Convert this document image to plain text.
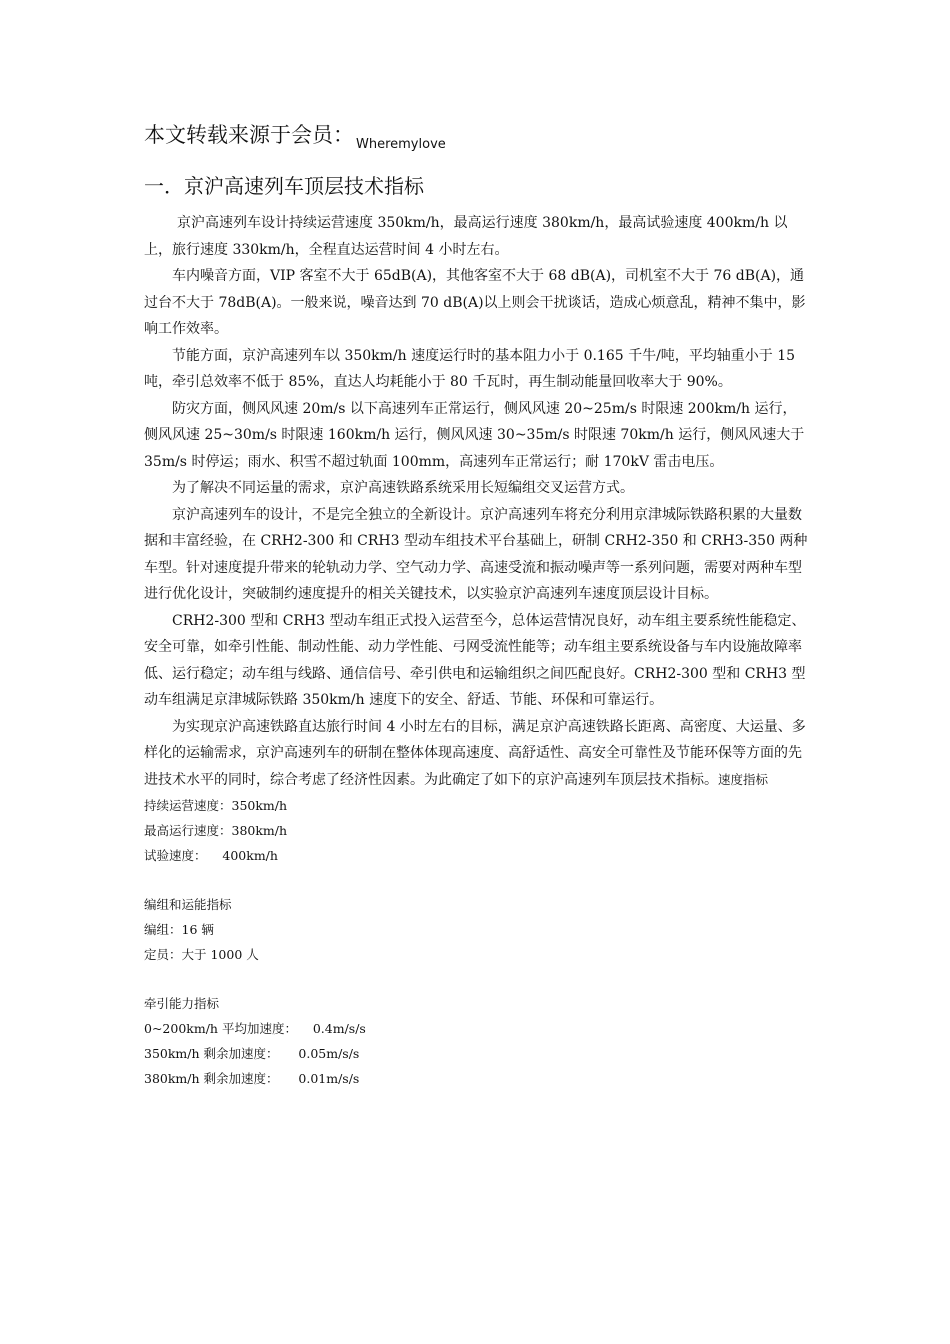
本文转载来源于会员： $_{Wheremylove}$
一．京沪高速列车顶层技术指标

京沪高速列车设计持续运营速度 350km/h，最高运行速度 380km/h，最高试验速度 400km/h 以上，旅行速度 330km/h，全程直达运营时间 4 小时左右。

车内噪音方面，VIP 客室不大于 65dB(A)，其他客室不大于 68 dB(A)，司机室不大于 76 dB(A)，通过台不大于 78dB(A)。一般来说，噪音达到 70 dB(A)以上则会干扰谈话，造成心烦意乱，精神不集中，影响工作效率。

节能方面，京沪高速列车以 350km/h 速度运行时的基本阻力小于 0.165 千牛/吨，平均轴重小于 15 吨，牵引总效率不低于 85%，直达人均耗能小于 80 千瓦时，再生制动能量回收率大于 90%。

防灾方面，侧风风速 20m/s 以下高速列车正常运行，侧风风速 20~25m/s 时限速 200km/h 运行，侧风风速 25~30m/s 时限速 160km/h 运行，侧风风速 30~35m/s 时限速 70km/h 运行，侧风风速大于 35m/s 时停运；雨水、积雪不超过轨面 100mm，高速列车正常运行；耐 170kV 雷击电压。

为了解决不同运量的需求，京沪高速铁路系统采用长短编组交叉运营方式。

京沪高速列车的设计，不是完全独立的全新设计。京沪高速列车将充分利用京津城际铁路积累的大量数据和丰富经验，在 CRH2-300 和 CRH3 型动车组技术平台基础上，研制 CRH2-350 和 CRH3-350 两种车型。针对速度提升带来的轮轨动力学、空气动力学、高速受流和振动噪声等一系列问题，需要对两种车型进行优化设计，突破制约速度提升的相关关键技术，以实验京沪高速列车速度顶层设计目标。

CRH2-300 型和 CRH3 型动车组正式投入运营至今，总体运营情况良好，动车组主要系统性能稳定、安全可靠，如牵引性能、制动性能、动力学性能、弓网受流性能等；动车组主要系统设备与车内设施故障率低、运行稳定；动车组与线路、通信信号、牵引供电和运输组织之间匹配良好。CRH2-300 型和 CRH3 型动车组满足京津城际铁路 350km/h 速度下的安全、舒适、节能、环保和可靠运行。

为实现京沪高速铁路直达旅行时间 4 小时左右的目标，满足京沪高速铁路长距离、高密度、大运量、多样化的运输需求，京沪高速列车的研制在整体体现高速度、高舒适性、高安全可靠性及节能环保等方面的先进技术水平的同时，综合考虑了经济性因素。为此确定了如下的京沪高速列车顶层技术指标。速度指标

持续运营速度：350km/h
最高运行速度：380km/h
试验速度：    400km/h
编组和运能指标
编组：16 辆
定员：大于 1000 人
牵引能力指标
0~200km/h 平均加速度：    0.4m/s/s
350km/h 剩余加速度：     0.05m/s/s
380km/h 剩余加速度：     0.01m/s/s
